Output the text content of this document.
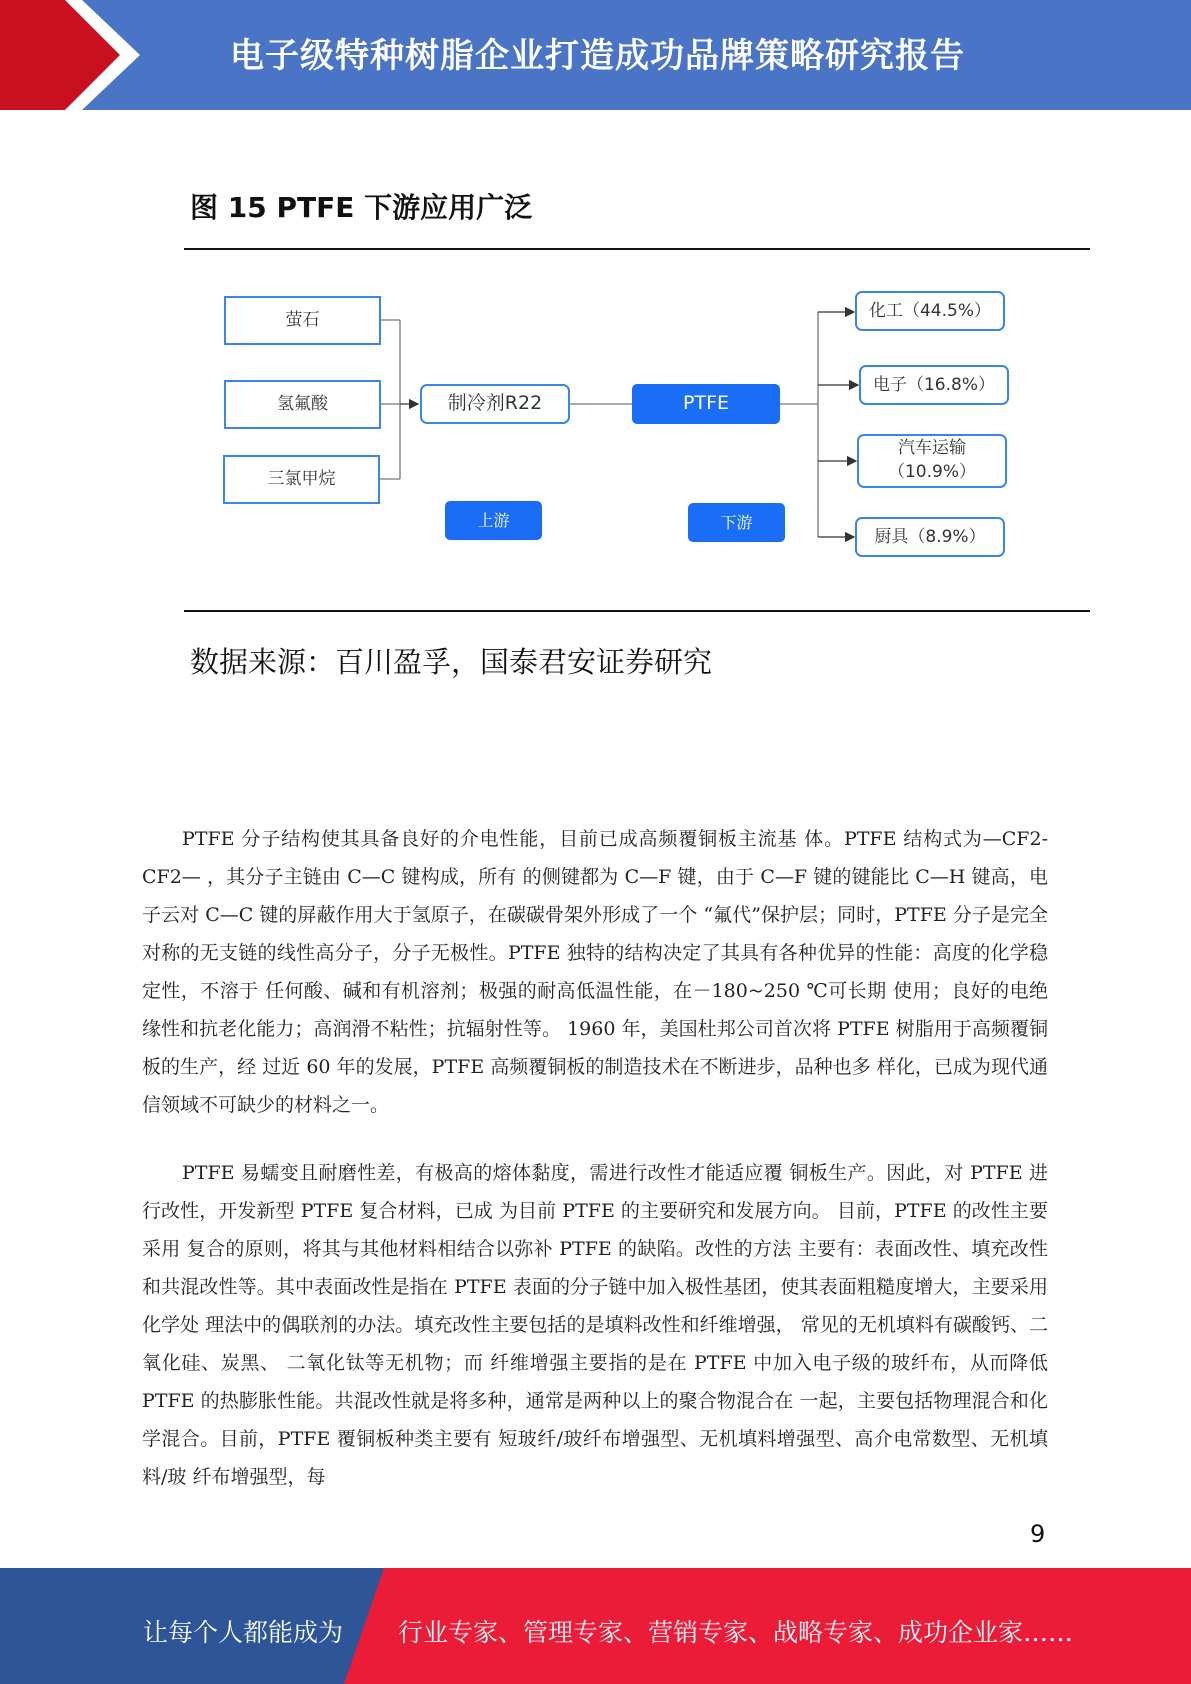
电子级特种树脂企业打造成功品牌策略研究报告
图 15 PTFE 下游应用广泛
萤石
氢氟酸
三氯甲烷
制冷剂R22	PTFE
化工（44.5%）
电子（16.8%）
汽车运输
（10.9%）
厨具（8.9%）
上游	下游
数据来源：百川盈孚，国泰君安证券研究

PTFE 分子结构使其具备良好的介电性能，目前已成高频覆铜板主流基 体。PTFE 结构式为—CF2-CF2— ，其分子主链由 C—C 键构成，所有 的侧键都为 C—F 键，由于 C—F 键的键能比 C—H 键高，电子云对 C—C 键的屏蔽作用大于氢原子，在碳碳骨架外形成了一个 “氟代”保护层；同时，PTFE 分子是完全对称的无支链的线性高分子，分子无极性。PTFE 独特的结构决定了其具有各种优异的性能：高度的化学稳定性，不溶于 任何酸、碱和有机溶剂；极强的耐高低温性能，在－180~250 ℃可长期 使用；良好的电绝缘性和抗老化能力；高润滑不粘性；抗辐射性等。 1960 年，美国杜邦公司首次将 PTFE 树脂用于高频覆铜板的生产，经 过近 60 年的发展，PTFE 高频覆铜板的制造技术在不断进步，品种也多 样化，已成为现代通信领域不可缺少的材料之一。

PTFE 易蠕变且耐磨性差，有极高的熔体黏度，需进行改性才能适应覆 铜板生产。因此，对 PTFE 进行改性，开发新型 PTFE 复合材料，已成 为目前 PTFE 的主要研究和发展方向。 目前，PTFE 的改性主要采用 复合的原则，将其与其他材料相结合以弥补 PTFE 的缺陷。改性的方法 主要有：表面改性、填充改性和共混改性等。其中表面改性是指在 PTFE 表面的分子链中加入极性基团，使其表面粗糙度增大，主要采用化学处 理法中的偶联剂的办法。填充改性主要包括的是填料改性和纤维增强， 常见的无机填料有碳酸钙、二氧化硅、炭黑、 二氧化钛等无机物；而 纤维增强主要指的是在 PTFE 中加入电子级的玻纤布，从而降低 PTFE 的热膨胀性能。共混改性就是将多种，通常是两种以上的聚合物混合在 一起，主要包括物理混合和化学混合。目前，PTFE 覆铜板种类主要有 短玻纤/玻纤布增强型、无机填料增强型、高介电常数型、无机填料/玻 纤布增强型，每

9
让每个人都能成为 行业专家、管理专家、营销专家、战略专家、成功企业家……
